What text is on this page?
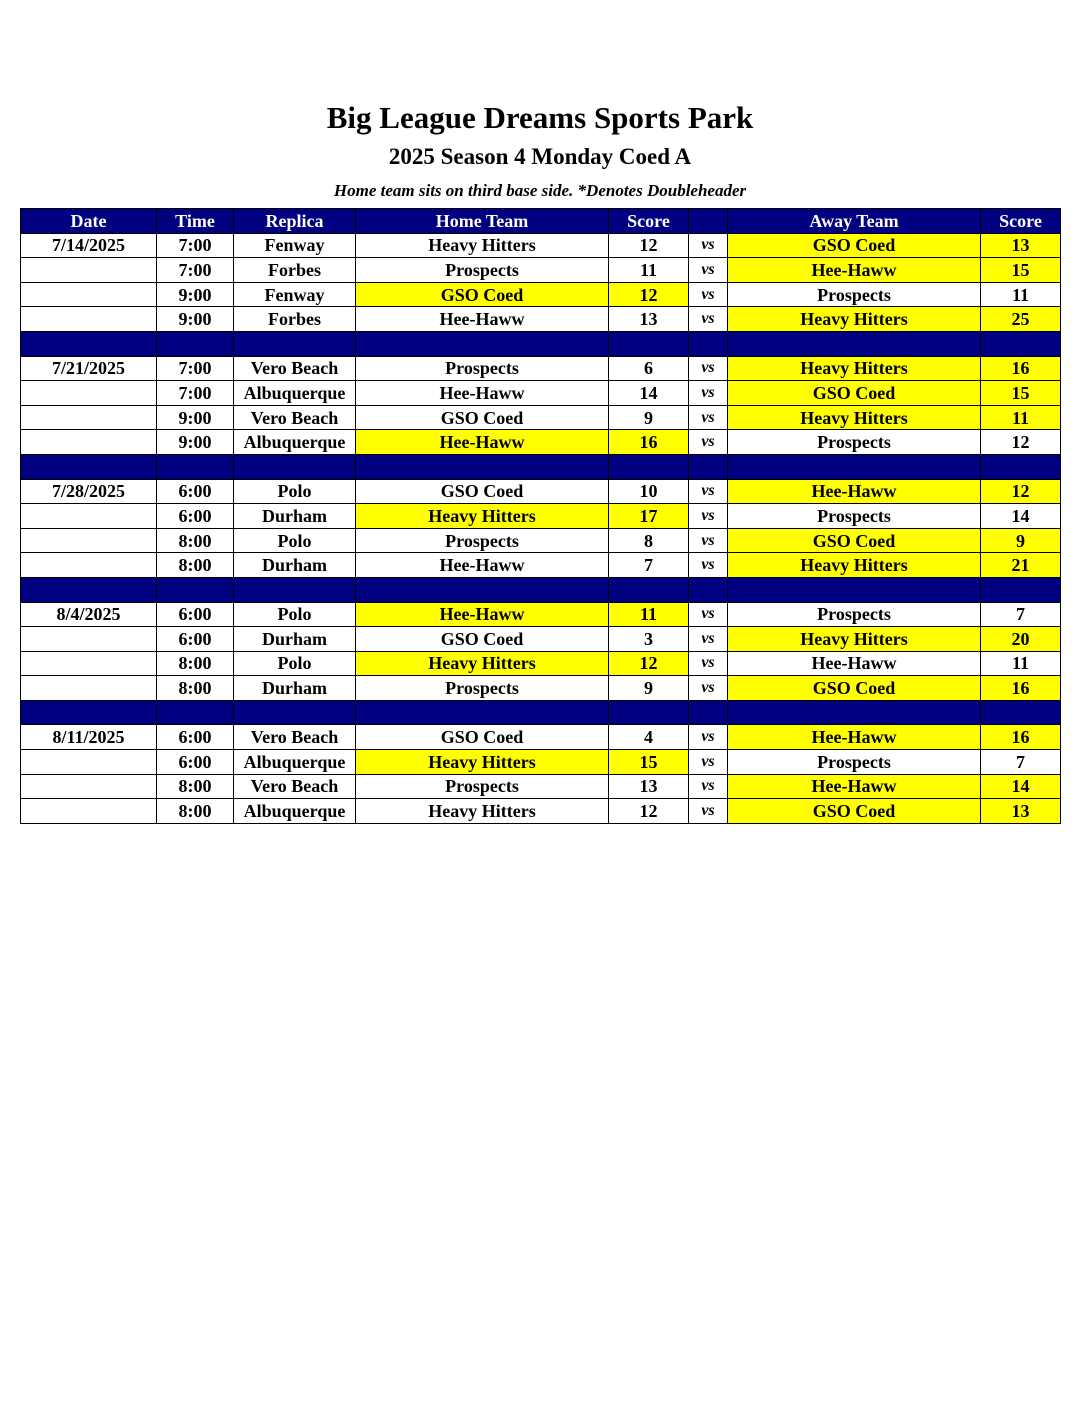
Big League Dreams Sports Park
2025 Season 4 Monday Coed A
Home team sits on third base side. *Denotes Doubleheader
Date	Time	Replica	Home Team	Score		Away Team	Score
7/14/2025	7:00	Fenway	Heavy Hitters	12	vs	GSO Coed	13
	7:00	Forbes	Prospects	11	vs	Hee-Haww	15
	9:00	Fenway	GSO Coed	12	vs	Prospects	11
	9:00	Forbes	Hee-Haww	13	vs	Heavy Hitters	25

7/21/2025	7:00	Vero Beach	Prospects	6	vs	Heavy Hitters	16
	7:00	Albuquerque	Hee-Haww	14	vs	GSO Coed	15
	9:00	Vero Beach	GSO Coed	9	vs	Heavy Hitters	11
	9:00	Albuquerque	Hee-Haww	16	vs	Prospects	12

7/28/2025	6:00	Polo	GSO Coed	10	vs	Hee-Haww	12
	6:00	Durham	Heavy Hitters	17	vs	Prospects	14
	8:00	Polo	Prospects	8	vs	GSO Coed	9
	8:00	Durham	Hee-Haww	7	vs	Heavy Hitters	21

8/4/2025	6:00	Polo	Hee-Haww	11	vs	Prospects	7
	6:00	Durham	GSO Coed	3	vs	Heavy Hitters	20
	8:00	Polo	Heavy Hitters	12	vs	Hee-Haww	11
	8:00	Durham	Prospects	9	vs	GSO Coed	16

8/11/2025	6:00	Vero Beach	GSO Coed	4	vs	Hee-Haww	16
	6:00	Albuquerque	Heavy Hitters	15	vs	Prospects	7
	8:00	Vero Beach	Prospects	13	vs	Hee-Haww	14
	8:00	Albuquerque	Heavy Hitters	12	vs	GSO Coed	13
